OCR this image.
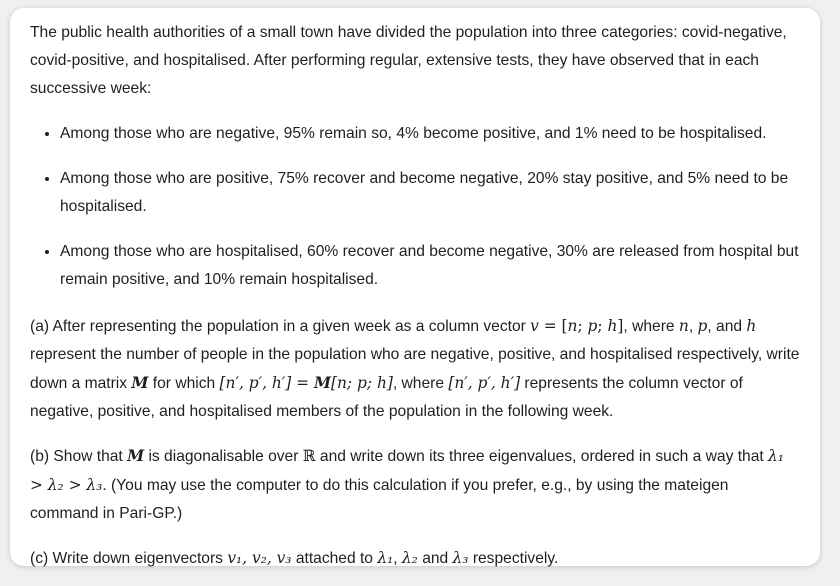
The public health authorities of a small town have divided the population into three categories: covid-negative, covid-positive, and hospitalised. After performing regular, extensive tests, they have observed that in each successive week:

• Among those who are negative, 95% remain so, 4% become positive, and 1% need to be hospitalised.
• Among those who are positive, 75% recover and become negative, 20% stay positive, and 5% need to be hospitalised.
• Among those who are hospitalised, 60% recover and become negative, 30% are released from hospital but remain positive, and 10% remain hospitalised.

(a) After representing the population in a given week as a column vector v = [n; p; h], where n, p, and h represent the number of people in the population who are negative, positive, and hospitalised respectively, write down a matrix M for which [n′, p′, h′] = M[n; p; h], where [n′, p′, h′] represents the column vector of negative, positive, and hospitalised members of the population in the following week.

(b) Show that M is diagonalisable over ℝ and write down its three eigenvalues, ordered in such a way that λ₁ > λ₂ > λ₃. (You may use the computer to do this calculation if you prefer, e.g., by using the mateigen command in Pari-GP.)

(c) Write down eigenvectors v₁, v₂, v₃ attached to λ₁, λ₂ and λ₃ respectively.
